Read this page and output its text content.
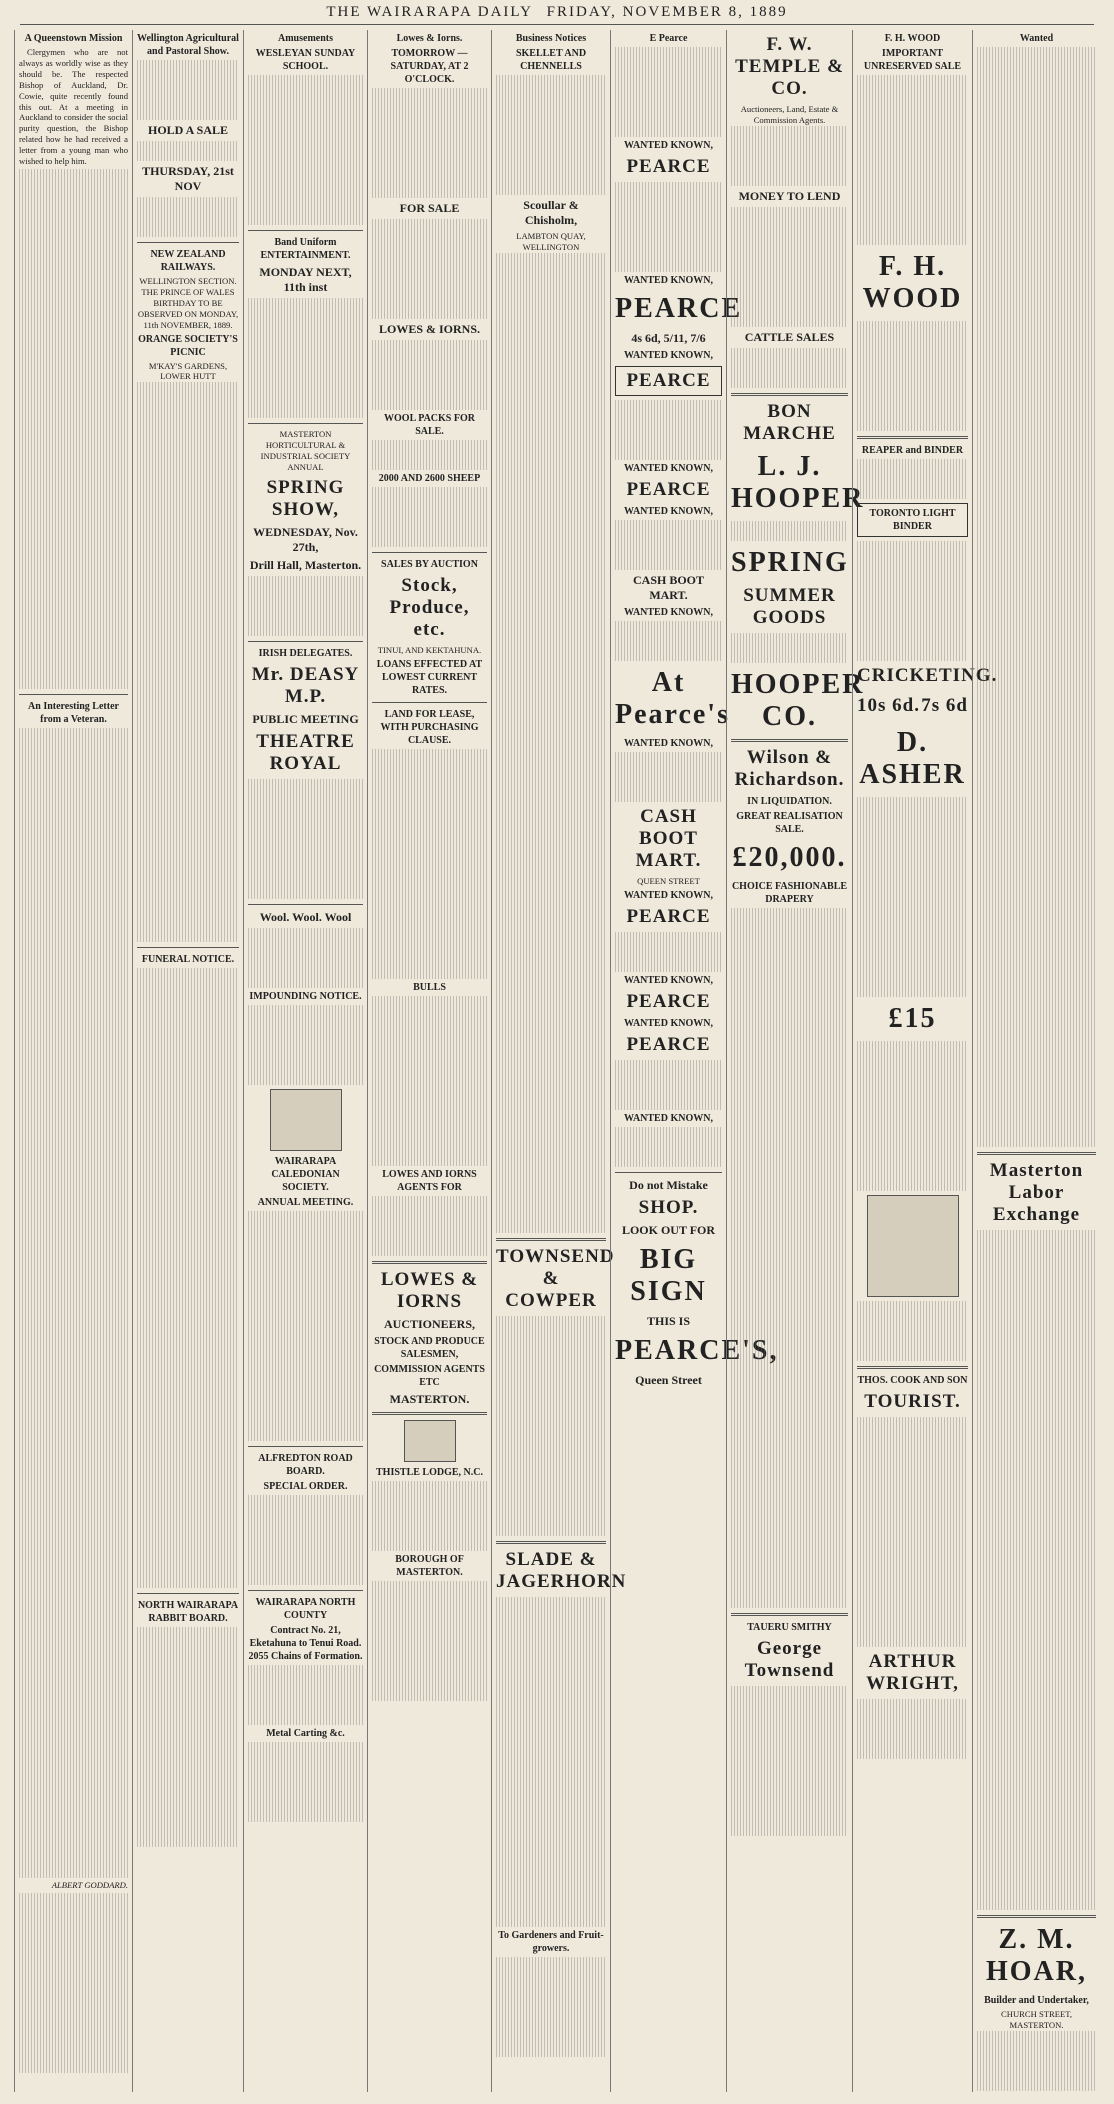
THE WAIRARAPA DAILY FRIDAY, NOVEMBER 8, 1889
A Queenstown Mission
Clergymen who are not always as worldly wise as they should be. The respected Bishop of Auckland, Dr. Cowie, quite recently found this out. At a meeting in Auckland to consider the social purity question, the Bishop related how he had received a letter from a young man who wished to help him.
An Interesting Letter from a Veteran.
ALBERT GODDARD.
Wellington Agricultural and Pastoral Show.
HOLD A SALE
THURSDAY, 21st NOV
NEW ZEALAND RAILWAYS.
WELLINGTON SECTION.
THE PRINCE OF WALES BIRTHDAY TO BE OBSERVED ON MONDAY, 11th NOVEMBER, 1889.
ORANGE SOCIETY'S PICNIC
M'KAY'S GARDENS, LOWER HUTT
FUNERAL NOTICE.
NORTH WAIRARAPA RABBIT BOARD.
Amusements
WESLEYAN SUNDAY SCHOOL.
Band Uniform ENTERTAINMENT.
MONDAY NEXT, 11th inst
MASTERTON HORTICULTURAL & INDUSTRIAL SOCIETY ANNUAL
SPRING SHOW,
WEDNESDAY, Nov. 27th,
Drill Hall, Masterton.
IRISH DELEGATES.
Mr. DEASY M.P.
PUBLIC MEETING
THEATRE ROYAL
Wool. Wool. Wool
IMPOUNDING NOTICE.
WAIRARAPA CALEDONIAN SOCIETY.
ANNUAL MEETING.
ALFREDTON ROAD BOARD.
SPECIAL ORDER.
WAIRARAPA NORTH COUNTY
Contract No. 21, Eketahuna to Tenui Road. 2055 Chains of Formation.
Metal Carting &c.
Lowes & Iorns.
TOMORROW — SATURDAY, AT 2 O'CLOCK.
FOR SALE
LOWES & IORNS.
WOOL PACKS FOR SALE.
2000 AND 2600 SHEEP
SALES BY AUCTION
Stock, Produce, etc.
TINUI, AND KEKTAHUNA.
LOANS EFFECTED AT LOWEST CURRENT RATES.
LAND FOR LEASE, WITH PURCHASING CLAUSE.
BULLS
LOWES AND IORNS AGENTS FOR
LOWES & IORNS
AUCTIONEERS,
STOCK AND PRODUCE SALESMEN,
COMMISSION AGENTS ETC
MASTERTON.
THISTLE LODGE, N.C.
BOROUGH OF MASTERTON.
Business Notices
SKELLET AND CHENNELLS
Scoullar & Chisholm,
LAMBTON QUAY, WELLINGTON
TOWNSEND & COWPER
SLADE & JAGERHORN
To Gardeners and Fruit-growers.
E Pearce
WANTED KNOWN,
PEARCE
WANTED KNOWN,
PEARCE
4s 6d, 5/11, 7/6
WANTED KNOWN,
PEARCE
WANTED KNOWN,
PEARCE
WANTED KNOWN,
CASH BOOT MART.
WANTED KNOWN,
At Pearce's
WANTED KNOWN,
CASH BOOT MART.
QUEEN STREET
WANTED KNOWN,
PEARCE
WANTED KNOWN,
PEARCE
WANTED KNOWN,
PEARCE
WANTED KNOWN,
Do not Mistake
SHOP.
LOOK OUT FOR
BIG SIGN
THIS IS
PEARCE'S,
Queen Street
F. W. TEMPLE & CO.
Auctioneers, Land, Estate & Commission Agents.
MONEY TO LEND
CATTLE SALES
BON MARCHE
L. J. HOOPER
SPRING
SUMMER GOODS
HOOPER CO.
Wilson & Richardson.
IN LIQUIDATION.
GREAT REALISATION SALE.
£20,000.
CHOICE FASHIONABLE DRAPERY
TAUERU SMITHY
George Townsend
F. H. WOOD
IMPORTANT UNRESERVED SALE
F. H. WOOD
REAPER and BINDER
TORONTO LIGHT BINDER
CRICKETING.
10s 6d. 7s 6d
D. ASHER
£15
THOS. COOK AND SON
TOURIST.
ARTHUR WRIGHT,
Wanted
Masterton Labor Exchange
Z. M. HOAR,
Builder and Undertaker,
CHURCH STREET, MASTERTON.
